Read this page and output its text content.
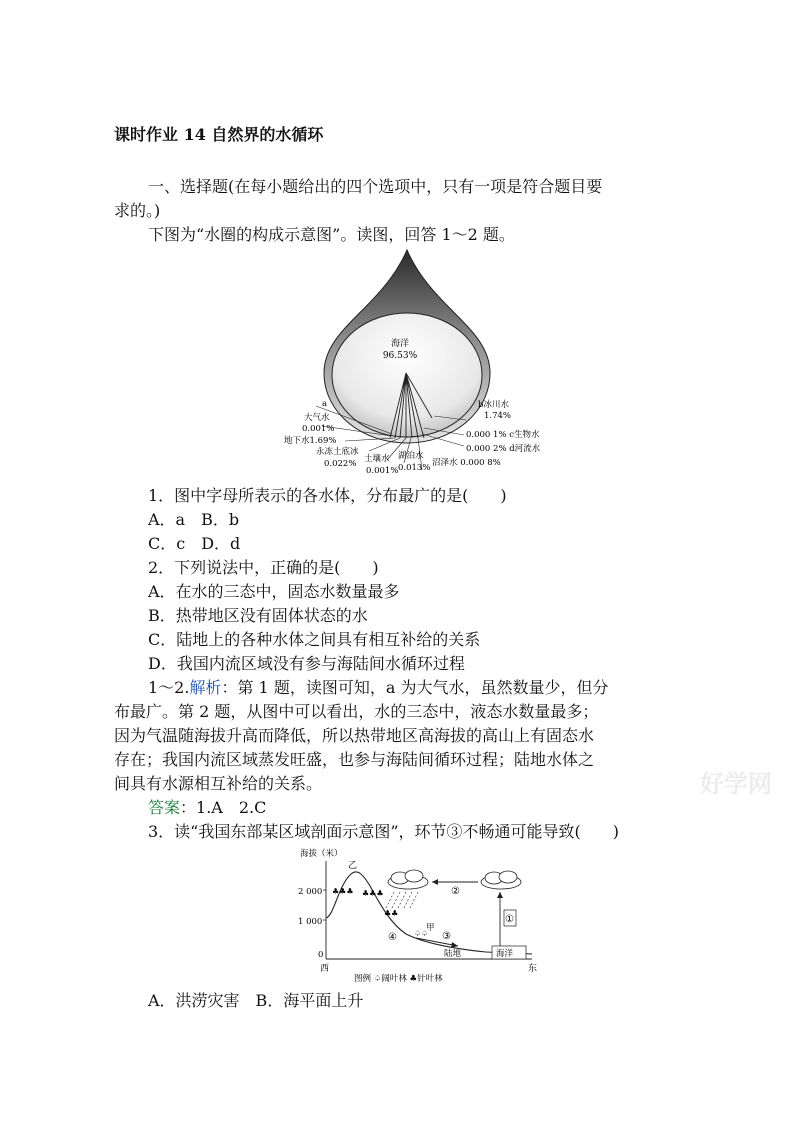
课时作业 14 自然界的水循环
一、选择题(在每小题给出的四个选项中，只有一项是符合题目要
求的。)
下图为“水圈的构成示意图”。读图，回答 1～2 题。
海洋
96.53%
a
大气水
0.001%
地下水1.69%
永冻土底冰
0.022% 土壤水
0.001%
湖泊水
0.013% 沼泽水 0.000 8%
b冰川水
1.74%
0.000 1% c生物水
0.000 2% d河流水
1．图中字母所表示的各水体，分布最广的是(　　)
A．a　B．b
C．c　D．d
2．下列说法中，正确的是(　　)
A．在水的三态中，固态水数量最多
B．热带地区没有固体状态的水
C．陆地上的各种水体之间具有相互补给的关系
D．我国内流区域没有参与海陆间水循环过程
1～2.解析：第 1 题，读图可知，a 为大气水，虽然数量少，但分
布最广。第 2 题，从图中可以看出，水的三态中，液态水数量最多；
因为气温随海拔升高而降低，所以热带地区高海拔的高山上有固态水
存在；我国内流区域蒸发旺盛，也参与海陆间循环过程；陆地水体之
间具有水源相互补给的关系。	好学网
答案：1.A　2.C
3．读“我国东部某区域剖面示意图”，环节③不畅通可能导致(　　)
海拔（米）
2 000
1 000
0
乙
♣♣♣ ♣♣♣
♣♣
②
①
③
④
甲
♤♤
海洋
陆地
西	东
图例 ♤阔叶林 ♣针叶林
A．洪涝灾害　B．海平面上升
